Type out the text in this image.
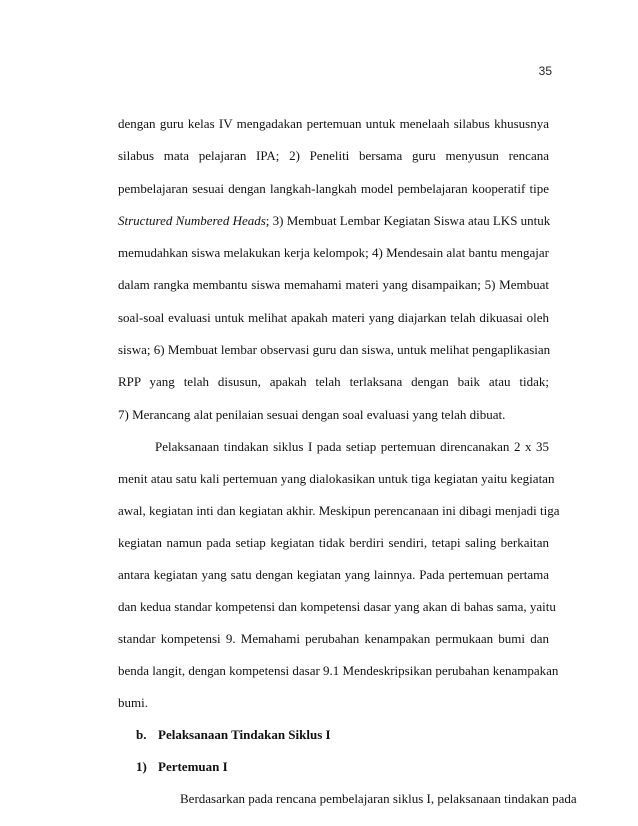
35
dengan guru kelas IV mengadakan pertemuan untuk menelaah silabus khususnya
silabus mata pelajaran IPA; 2) Peneliti bersama guru menyusun rencana
pembelajaran sesuai dengan langkah-langkah model pembelajaran kooperatif tipe
Structured Numbered Heads; 3) Membuat Lembar Kegiatan Siswa atau LKS untuk
memudahkan siswa melakukan kerja kelompok; 4) Mendesain alat bantu mengajar
dalam rangka membantu siswa memahami materi yang disampaikan; 5) Membuat
soal-soal evaluasi untuk melihat apakah materi yang diajarkan telah dikuasai oleh
siswa; 6) Membuat lembar observasi guru dan siswa, untuk melihat pengaplikasian
RPP yang telah disusun, apakah telah terlaksana dengan baik atau tidak;
7) Merancang alat penilaian sesuai dengan soal evaluasi yang telah dibuat.
Pelaksanaan tindakan siklus I pada setiap pertemuan direncanakan 2 x 35
menit atau satu kali pertemuan yang dialokasikan untuk tiga kegiatan yaitu kegiatan
awal, kegiatan inti dan kegiatan akhir. Meskipun perencanaan ini dibagi menjadi tiga
kegiatan namun pada setiap kegiatan tidak berdiri sendiri, tetapi saling berkaitan
antara kegiatan yang satu dengan kegiatan yang lainnya. Pada pertemuan pertama
dan kedua standar kompetensi dan kompetensi dasar yang akan di bahas sama, yaitu
standar kompetensi 9. Memahami perubahan kenampakan permukaan bumi dan
benda langit, dengan kompetensi dasar 9.1 Mendeskripsikan perubahan kenampakan
bumi.
b. Pelaksanaan Tindakan Siklus I
1) Pertemuan I
Berdasarkan pada rencana pembelajaran siklus I, pelaksanaan tindakan pada
